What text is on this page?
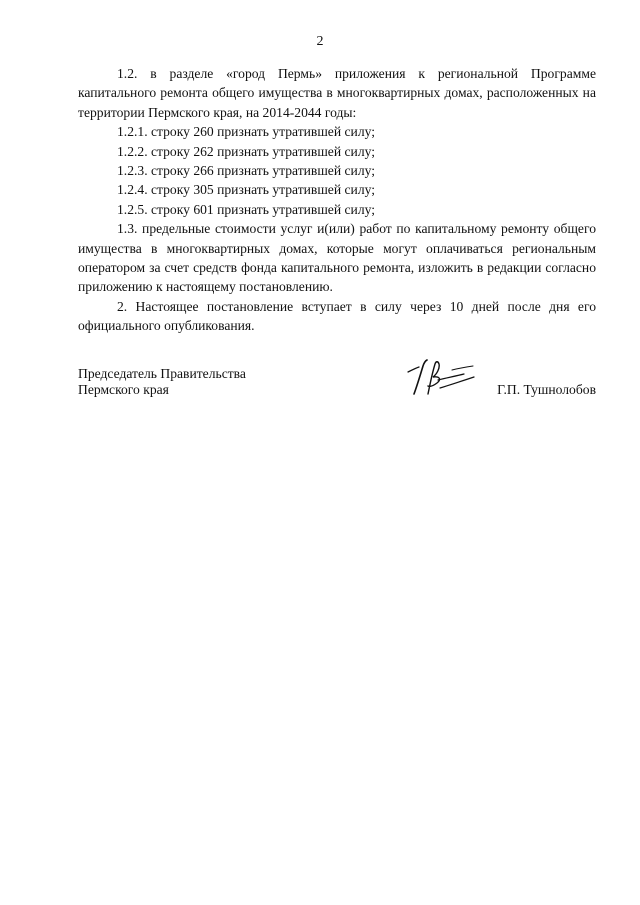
2

1.2. в разделе «город Пермь» приложения к региональной Программе капитального ремонта общего имущества в многоквартирных домах, расположенных на территории Пермского края, на 2014-2044 годы:

1.2.1. строку 260 признать утратившей силу;

1.2.2. строку 262 признать утратившей силу;

1.2.3. строку 266 признать утратившей силу;

1.2.4. строку 305 признать утратившей силу;

1.2.5. строку 601 признать утратившей силу;

1.3. предельные стоимости услуг и(или) работ по капитальному ремонту общего имущества в многоквартирных домах, которые могут оплачиваться региональным оператором за счет средств фонда капитального ремонта, изложить в редакции согласно приложению к настоящему постановлению.

2. Настоящее постановление вступает в силу через 10 дней после дня его официального опубликования.

Председатель Правительства
Пермского края	Г.П. Тушнолобов
